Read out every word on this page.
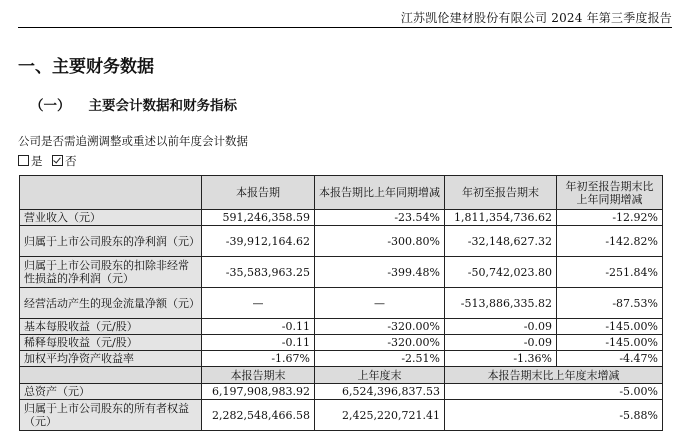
江苏凯伦建材股份有限公司 2024 年第三季度报告
一、主要财务数据
（一） 主要会计数据和财务指标
公司是否需追溯调整或重述以前年度会计数据
是 否
	本报告期	本报告期比上年同期增减	年初至报告期末	年初至报告期末比上年同期增减
营业收入（元）	591,246,358.59	-23.54%	1,811,354,736.62	-12.92%
归属于上市公司股东的净利润（元）	-39,912,164.62	-300.80%	-32,148,627.32	-142.82%
归属于上市公司股东的扣除非经常性损益的净利润（元）	-35,583,963.25	-399.48%	-50,742,023.80	-251.84%
经营活动产生的现金流量净额（元）	—	—	-513,886,335.82	-87.53%
基本每股收益（元/股）	-0.11	-320.00%	-0.09	-145.00%
稀释每股收益（元/股）	-0.11	-320.00%	-0.09	-145.00%
加权平均净资产收益率	-1.67%	-2.51%	-1.36%	-4.47%
	本报告期末	上年度末	本报告期末比上年度末增减	
总资产（元）	6,197,908,983.92	6,524,396,837.53	-5.00%	
归属于上市公司股东的所有者权益（元）	2,282,548,466.58	2,425,220,721.41	-5.88%	
